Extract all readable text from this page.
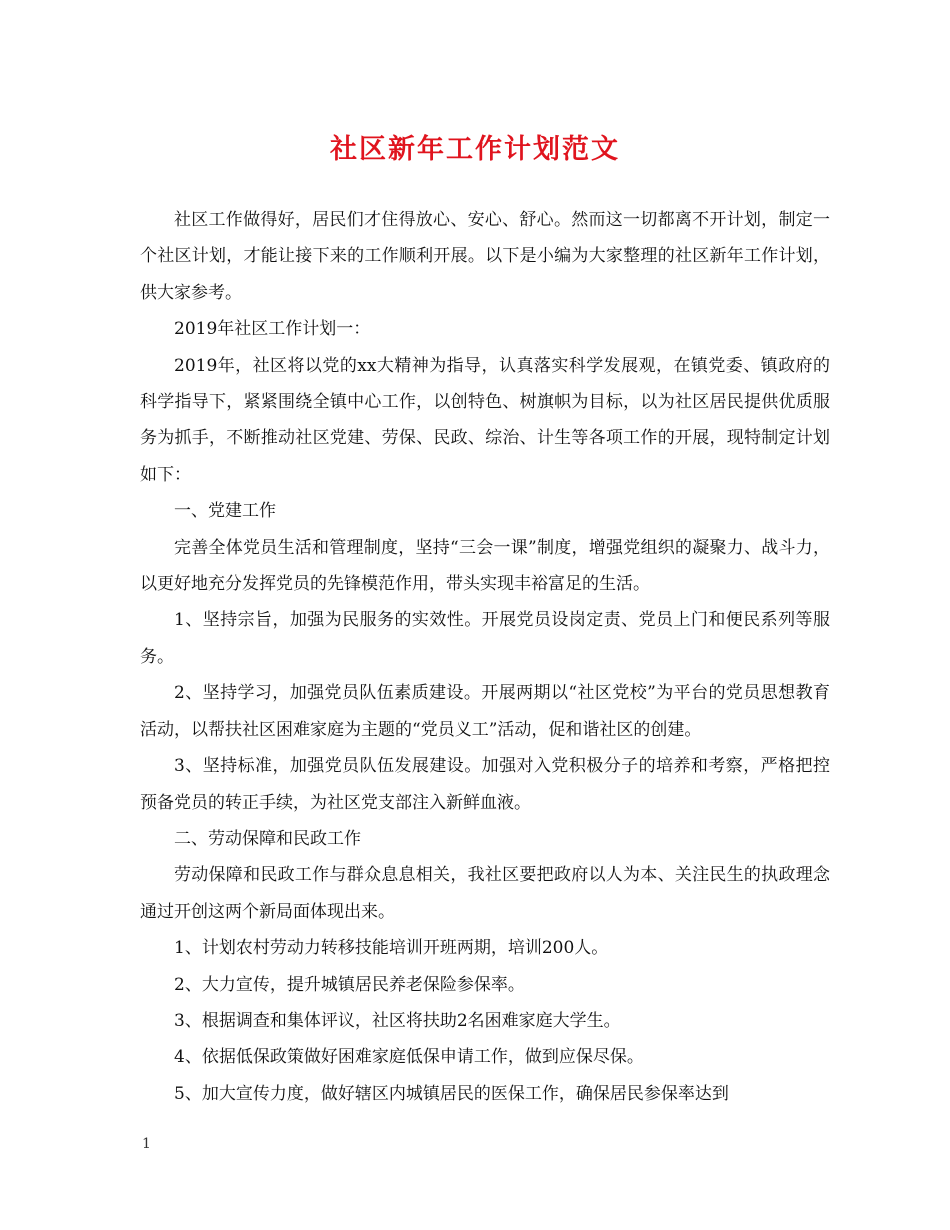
社区新年工作计划范文

社区工作做得好，居民们才住得放心、安心、舒心。然而这一切都离不开计划，制定一个社区计划，才能让接下来的工作顺利开展。以下是小编为大家整理的社区新年工作计划，供大家参考。

2019年社区工作计划一：

2019年，社区将以党的xx大精神为指导，认真落实科学发展观，在镇党委、镇政府的科学指导下，紧紧围绕全镇中心工作，以创特色、树旗帜为目标，以为社区居民提供优质服务为抓手，不断推动社区党建、劳保、民政、综治、计生等各项工作的开展，现特制定计划如下：

一、党建工作

完善全体党员生活和管理制度，坚持“三会一课”制度，增强党组织的凝聚力、战斗力，以更好地充分发挥党员的先锋模范作用，带头实现丰裕富足的生活。

1、坚持宗旨，加强为民服务的实效性。开展党员设岗定责、党员上门和便民系列等服务。

2、坚持学习，加强党员队伍素质建设。开展两期以“社区党校”为平台的党员思想教育活动，以帮扶社区困难家庭为主题的“党员义工”活动，促和谐社区的创建。

3、坚持标准，加强党员队伍发展建设。加强对入党积极分子的培养和考察，严格把控预备党员的转正手续，为社区党支部注入新鲜血液。

二、劳动保障和民政工作

劳动保障和民政工作与群众息息相关，我社区要把政府以人为本、关注民生的执政理念通过开创这两个新局面体现出来。

1、计划农村劳动力转移技能培训开班两期，培训200人。

2、大力宣传，提升城镇居民养老保险参保率。

3、根据调查和集体评议，社区将扶助2名困难家庭大学生。

4、依据低保政策做好困难家庭低保申请工作，做到应保尽保。

5、加大宣传力度，做好辖区内城镇居民的医保工作，确保居民参保率达到

1
